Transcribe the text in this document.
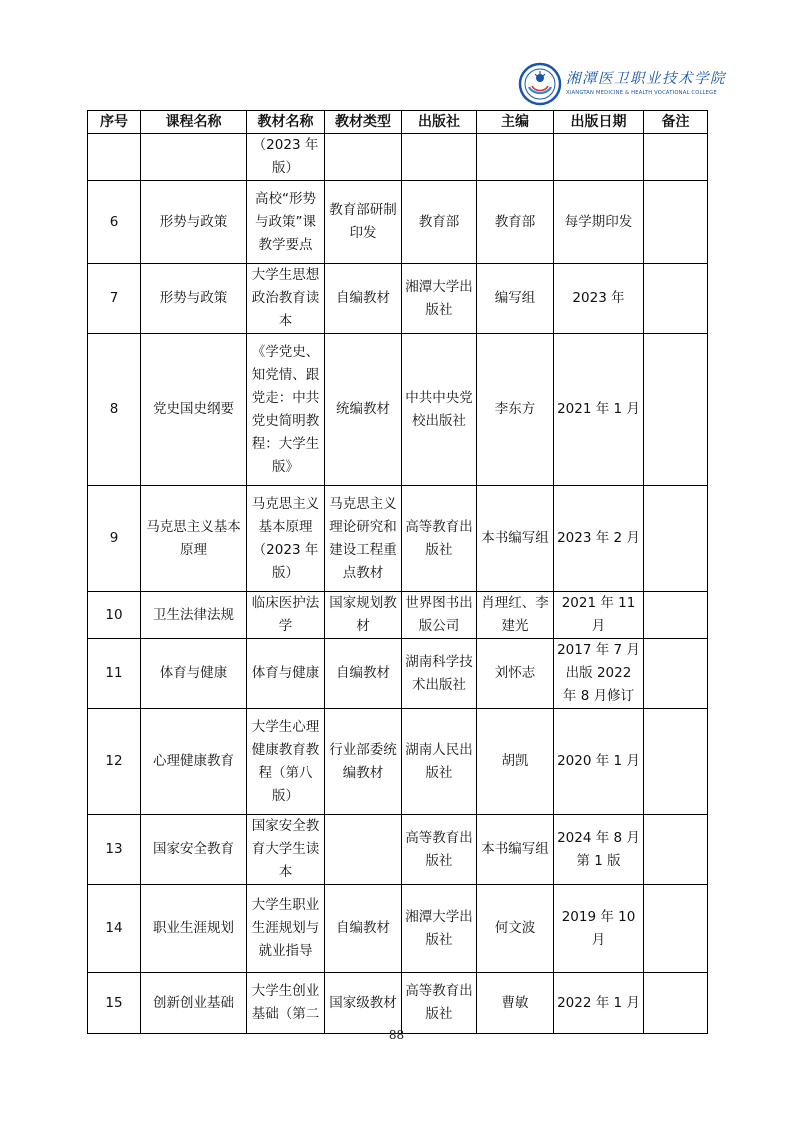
湘潭医卫职业技术学院
XIANGTAN MEDICINE & HEALTH VOCATIONAL COLLEGE
序号	课程名称	教材名称	教材类型	出版社	主编	出版日期	备注

		（2023 年版）					

6	形势与政策	高校“形势与政策”课教学要点	教育部研制印发	教育部	教育部	每学期印发	
7	形势与政策	大学生思想政治教育读本	自编教材	湘潭大学出版社	编写组	2023 年	
8	党史国史纲要	《学党史、知党情、跟党走：中共党史简明教程：大学生版》	统编教材	中共中央党校出版社	李东方	2021 年 1 月	
9	马克思主义基本原理	马克思主义基本原理（2023 年版）	马克思主义理论研究和建设工程重点教材	高等教育出版社	本书编写组	2023 年 2 月	
10	卫生法律法规	临床医护法学	国家规划教材	世界图书出版公司	肖理红、李建光	2021 年 11 月	

11	体育与健康	体育与健康	自编教材	湖南科学技术出版社	刘怀志	2017 年 7 月出版 2022 年 8 月修订	

12	心理健康教育	大学生心理健康教育教程（第八版）	行业部委统编教材	湖南人民出版社	胡凯	2020 年 1 月	
13	国家安全教育	国家安全教育大学生读本		高等教育出版社	本书编写组	2024 年 8 月第 1 版	

14	职业生涯规划	大学生职业生涯规划与就业指导	自编教材	湘潭大学出版社	何文波	2019 年 10 月	

15	创新创业基础	大学生创业基础（第二	国家级教材	高等教育出版社	曹敏	2022 年 1 月	
88
